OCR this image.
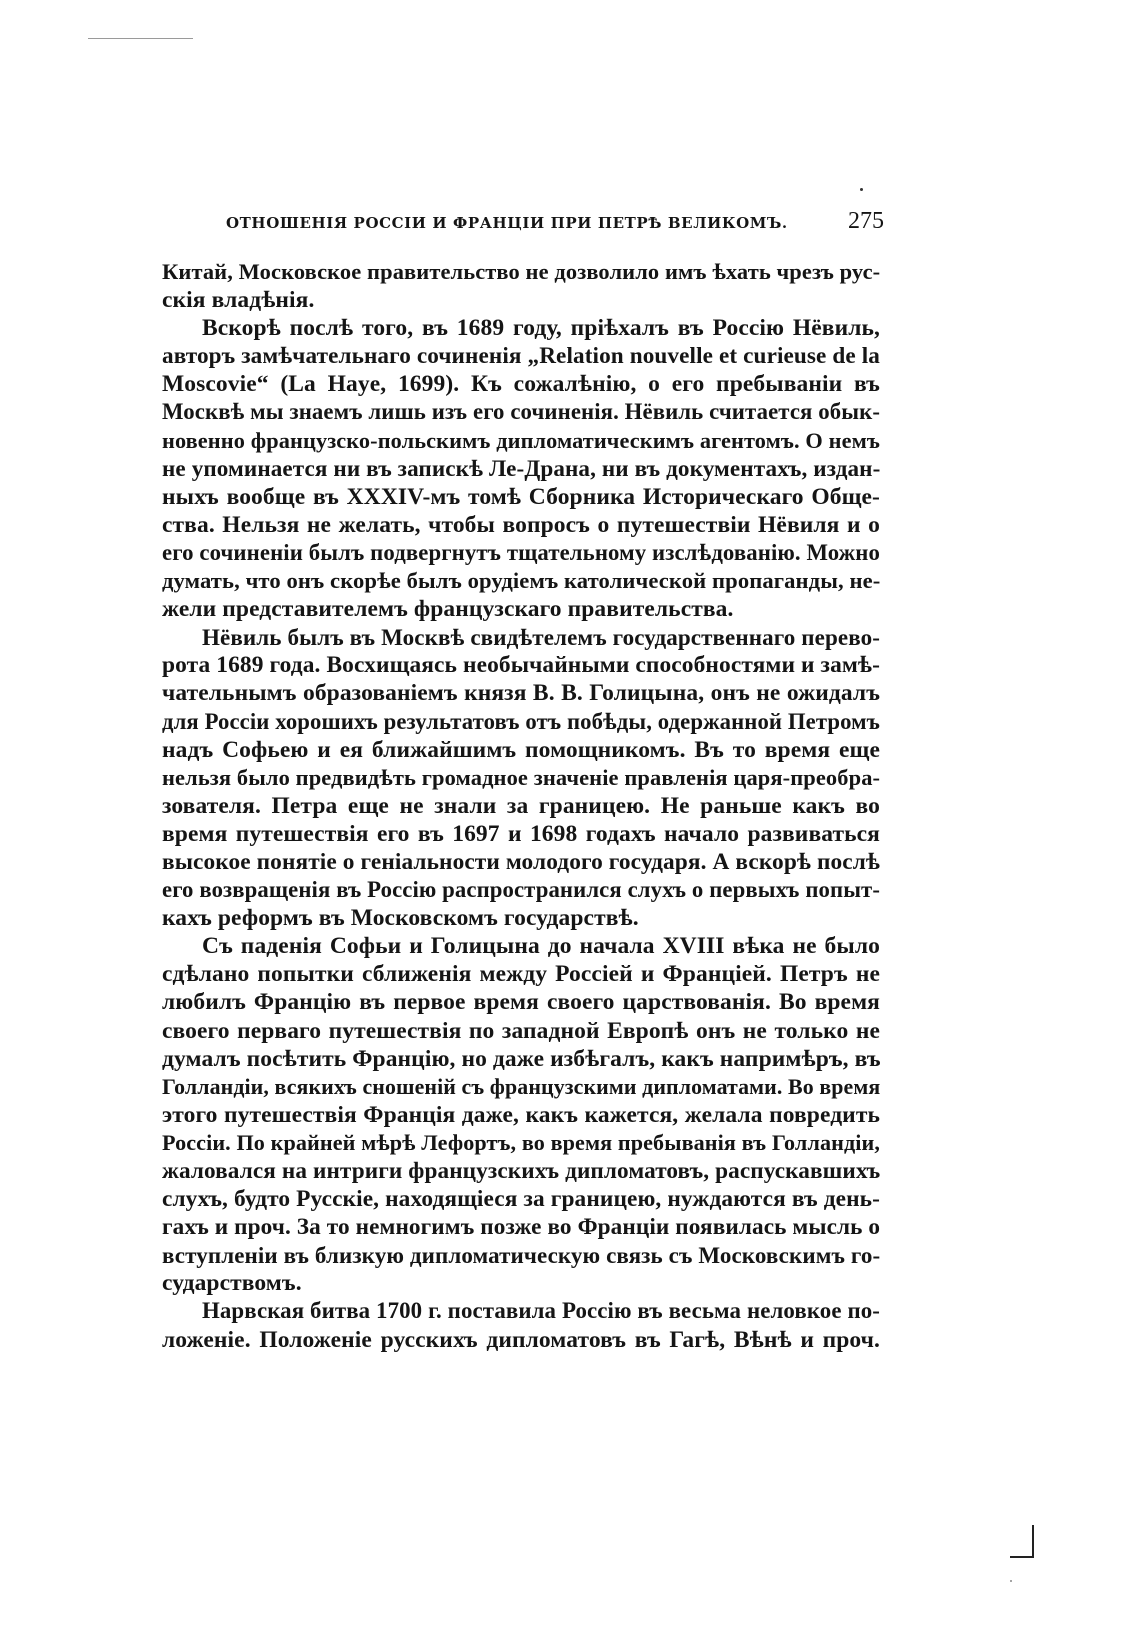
ОТНОШЕНІЯ РОССІИ И ФРАНЦІИ ПРИ ПЕТРѢ ВЕЛИКОМЪ.	275
Китай, Московское правительство не дозволило имъ ѣхать чрезъ рус-
скія владѣнія.
Вскорѣ послѣ того, въ 1689 году, пріѣхалъ въ Россію Нёвиль,
авторъ замѣчательнаго сочиненія „Relation nouvelle et curieuse de la
Moscovie“ (La Haye, 1699). Къ сожалѣнію, о его пребываніи въ
Москвѣ мы знаемъ лишь изъ его сочиненія. Нёвиль считается обык-
новенно французско-польскимъ дипломатическимъ агентомъ. О немъ
не упоминается ни въ запискѣ Ле-Драна, ни въ документахъ, издан-
ныхъ вообще въ XXXIV-мъ томѣ Сборника Историческаго Обще-
ства. Нельзя не желать, чтобы вопросъ о путешествіи Нёвиля и о
его сочиненіи былъ подвергнутъ тщательному изслѣдованію. Можно
думать, что онъ скорѣе былъ орудіемъ католической пропаганды, не-
жели представителемъ французскаго правительства.
Нёвиль былъ въ Москвѣ свидѣтелемъ государственнаго перево-
рота 1689 года. Восхищаясь необычайными способностями и замѣ-
чательнымъ образованіемъ князя В. В. Голицына, онъ не ожидалъ
для Россіи хорошихъ результатовъ отъ побѣды, одержанной Петромъ
надъ Софьею и ея ближайшимъ помощникомъ. Въ то время еще
нельзя было предвидѣть громадное значеніе правленія царя-преобра-
зователя. Петра еще не знали за границею. Не раньше какъ во
время путешествія его въ 1697 и 1698 годахъ начало развиваться
высокое понятіе о геніальности молодого государя. А вскорѣ послѣ
его возвращенія въ Россію распространился слухъ о первыхъ попыт-
кахъ реформъ въ Московскомъ государствѣ.
Съ паденія Софьи и Голицына до начала XVIII вѣка не было
сдѣлано попытки сближенія между Россіей и Франціей. Петръ не
любилъ Францію въ первое время своего царствованія. Во время
своего перваго путешествія по западной Европѣ онъ не только не
думалъ посѣтить Францію, но даже избѣгалъ, какъ напримѣръ, въ
Голландіи, всякихъ сношеній съ французскими дипломатами. Во время
этого путешествія Франція даже, какъ кажется, желала повредить
Россіи. По крайней мѣрѣ Лефортъ, во время пребыванія въ Голландіи,
жаловался на интриги французскихъ дипломатовъ, распускавшихъ
слухъ, будто Русскіе, находящіеся за границею, нуждаются въ день-
гахъ и проч. За то немногимъ позже во Франціи появилась мысль о
вступленіи въ близкую дипломатическую связь съ Московскимъ го-
сударствомъ.
Нарвская битва 1700 г. поставила Россію въ весьма неловкое по-
ложеніе. Положеніе русскихъ дипломатовъ въ Гагѣ, Вѣнѣ и проч.
